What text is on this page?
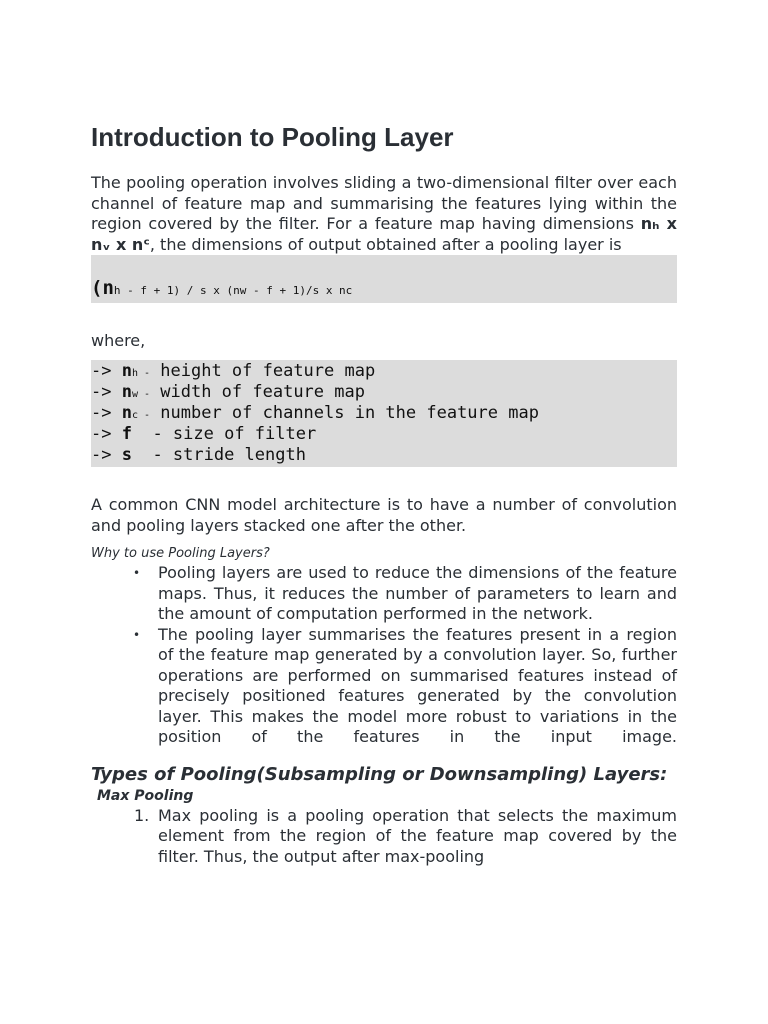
Introduction to Pooling Layer

The pooling operation involves sliding a two-dimensional filter over each channel of feature map and summarising the features lying within the region covered by the filter. For a feature map having dimensions nₕ x nᵥ x nᶜ, the dimensions of output obtained after a pooling layer is

(nh - f + 1) / s x (nw - f + 1)/s x nc
where,
-> nh - height of feature map
-> nw - width of feature map
-> nc - number of channels in the feature map
-> f  - size of filter
-> s  - stride length

A common CNN model architecture is to have a number of convolution and pooling layers stacked one after the other.

Why to use Pooling Layers?
• Pooling layers are used to reduce the dimensions of the feature maps. Thus, it reduces the number of parameters to learn and the amount of computation performed in the network.
• The pooling layer summarises the features present in a region of the feature map generated by a convolution layer. So, further operations are performed on summarised features instead of precisely positioned features generated by the convolution layer. This makes the model more robust to variations in the position of the features in the input image.
Types of Pooling(Subsampling or Downsampling) Layers:
Max Pooling
1. Max pooling is a pooling operation that selects the maximum element from the region of the feature map covered by the filter. Thus, the output after max-pooling
